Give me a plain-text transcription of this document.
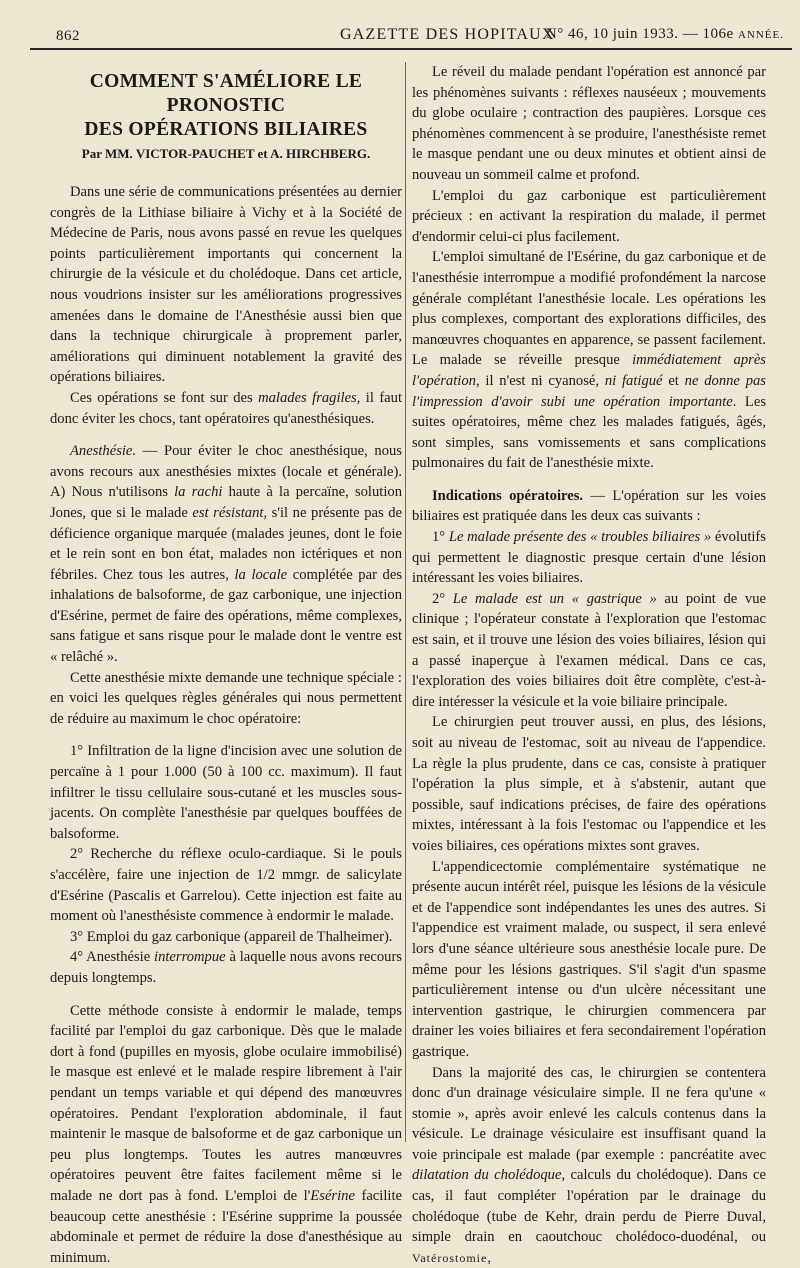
862	GAZETTE DES HOPITAUX
N° 46, 10 juin 1933. — 106e ANNÉE.
COMMENT S'AMÉLIORE LE PRONOSTIC
DES OPÉRATIONS BILIAIRES
Par MM. VICTOR-PAUCHET et A. HIRCHBERG.

Dans une série de communications présentées au dernier congrès de la Lithiase biliaire à Vichy et à la Société de Médecine de Paris, nous avons passé en revue les quelques points particulièrement importants qui concernent la chirurgie de la vésicule et du cholédoque. Dans cet article, nous voudrions insister sur les améliorations progressives amenées dans le domaine de l'Anesthésie aussi bien que dans la technique chirurgicale à proprement parler, améliorations qui diminuent notablement la gravité des opérations biliaires.

Ces opérations se font sur des malades fragiles, il faut donc éviter les chocs, tant opératoires qu'anesthésiques.

Anesthésie. — Pour éviter le choc anesthésique, nous avons recours aux anesthésies mixtes (locale et générale). A) Nous n'utilisons la rachi haute à la percaïne, solution Jones, que si le malade est résistant, s'il ne présente pas de déficience organique marquée (malades jeunes, dont le foie et le rein sont en bon état, malades non ictériques et non fébriles. Chez tous les autres, la locale complétée par des inhalations de balsoforme, de gaz carbonique, une injection d'Esérine, permet de faire des opérations, même complexes, sans fatigue et sans risque pour le malade dont le ventre est « relâché ».

Cette anesthésie mixte demande une technique spéciale : en voici les quelques règles générales qui nous permettent de réduire au maximum le choc opératoire:

1° Infiltration de la ligne d'incision avec une solution de percaïne à 1 pour 1.000 (50 à 100 cc. maximum). Il faut infiltrer le tissu cellulaire sous-cutané et les muscles sous-jacents. On complète l'anesthésie par quelques bouffées de balsoforme.

2° Recherche du réflexe oculo-cardiaque. Si le pouls s'accélère, faire une injection de 1/2 mmgr. de salicylate d'Esérine (Pascalis et Garrelou). Cette injection est faite au moment où l'anesthésiste commence à endormir le malade.

3° Emploi du gaz carbonique (appareil de Thalheimer).

4° Anesthésie interrompue à laquelle nous avons recours depuis longtemps.

Cette méthode consiste à endormir le malade, temps facilité par l'emploi du gaz carbonique. Dès que le malade dort à fond (pupilles en myosis, globe oculaire immobilisé) le masque est enlevé et le malade respire librement à l'air pendant un temps variable et qui dépend des manœuvres opératoires. Pendant l'exploration abdominale, il faut maintenir le masque de balsoforme et de gaz carbonique un peu plus longtemps. Toutes les autres manœuvres opératoires peuvent être faites facilement même si le malade ne dort pas à fond. L'emploi de l'Esérine facilite beaucoup cette anesthésie : l'Esérine supprime la poussée abdominale et permet de réduire la dose d'anesthésique au minimum.

Le réveil du malade pendant l'opération est annoncé par les phénomènes suivants : réflexes nauséeux ; mouvements du globe oculaire ; contraction des paupières. Lorsque ces phénomènes commencent à se produire, l'anesthésiste remet le masque pendant une ou deux minutes et obtient ainsi de nouveau un sommeil calme et profond.

L'emploi du gaz carbonique est particulièrement précieux : en activant la respiration du malade, il permet d'endormir celui-ci plus facilement.

L'emploi simultané de l'Esérine, du gaz carbonique et de l'anesthésie interrompue a modifié profondément la narcose générale complétant l'anesthésie locale. Les opérations les plus complexes, comportant des explorations difficiles, des manœuvres choquantes en apparence, se passent facilement. Le malade se réveille presque immédiatement après l'opération, il n'est ni cyanosé, ni fatigué et ne donne pas l'impression d'avoir subi une opération importante. Les suites opératoires, même chez les malades fatigués, âgés, sont simples, sans vomissements et sans complications pulmonaires du fait de l'anesthésie mixte.

Indications opératoires. — L'opération sur les voies biliaires est pratiquée dans les deux cas suivants :

1° Le malade présente des « troubles biliaires » évolutifs qui permettent le diagnostic presque certain d'une lésion intéressant les voies biliaires.

2° Le malade est un « gastrique » au point de vue clinique ; l'opérateur constate à l'exploration que l'estomac est sain, et il trouve une lésion des voies biliaires, lésion qui a passé inaperçue à l'examen médical. Dans ce cas, l'exploration des voies biliaires doit être complète, c'est-à-dire intéresser la vésicule et la voie biliaire principale.

Le chirurgien peut trouver aussi, en plus, des lésions, soit au niveau de l'estomac, soit au niveau de l'appendice. La règle la plus prudente, dans ce cas, consiste à pratiquer l'opération la plus simple, et à s'abstenir, autant que possible, sauf indications précises, de faire des opérations mixtes, intéressant à la fois l'estomac ou l'appendice et les voies biliaires, ces opérations mixtes sont graves.

L'appendicectomie complémentaire systématique ne présente aucun intérêt réel, puisque les lésions de la vésicule et de l'appendice sont indépendantes les unes des autres. Si l'appendice est vraiment malade, ou suspect, il sera enlevé lors d'une séance ultérieure sous anesthésie locale pure. De même pour les lésions gastriques. S'il s'agit d'un spasme particulièrement intense ou d'un ulcère nécessitant une intervention gastrique, le chirurgien commencera par drainer les voies biliaires et fera secondairement l'opération gastrique.

Dans la majorité des cas, le chirurgien se contentera donc d'un drainage vésiculaire simple. Il ne fera qu'une « stomie », après avoir enlevé les calculs contenus dans la vésicule. Le drainage vésiculaire est insuffisant quand la voie principale est malade (par exemple : pancréatite avec dilatation du cholédoque, calculs du cholédoque). Dans ce cas, il faut compléter l'opération par le drainage du cholédoque (tube de Kehr, drain perdu de Pierre Duval, simple drain en caoutchouc cholédoco-duodénal, ou Vatérostomie,
